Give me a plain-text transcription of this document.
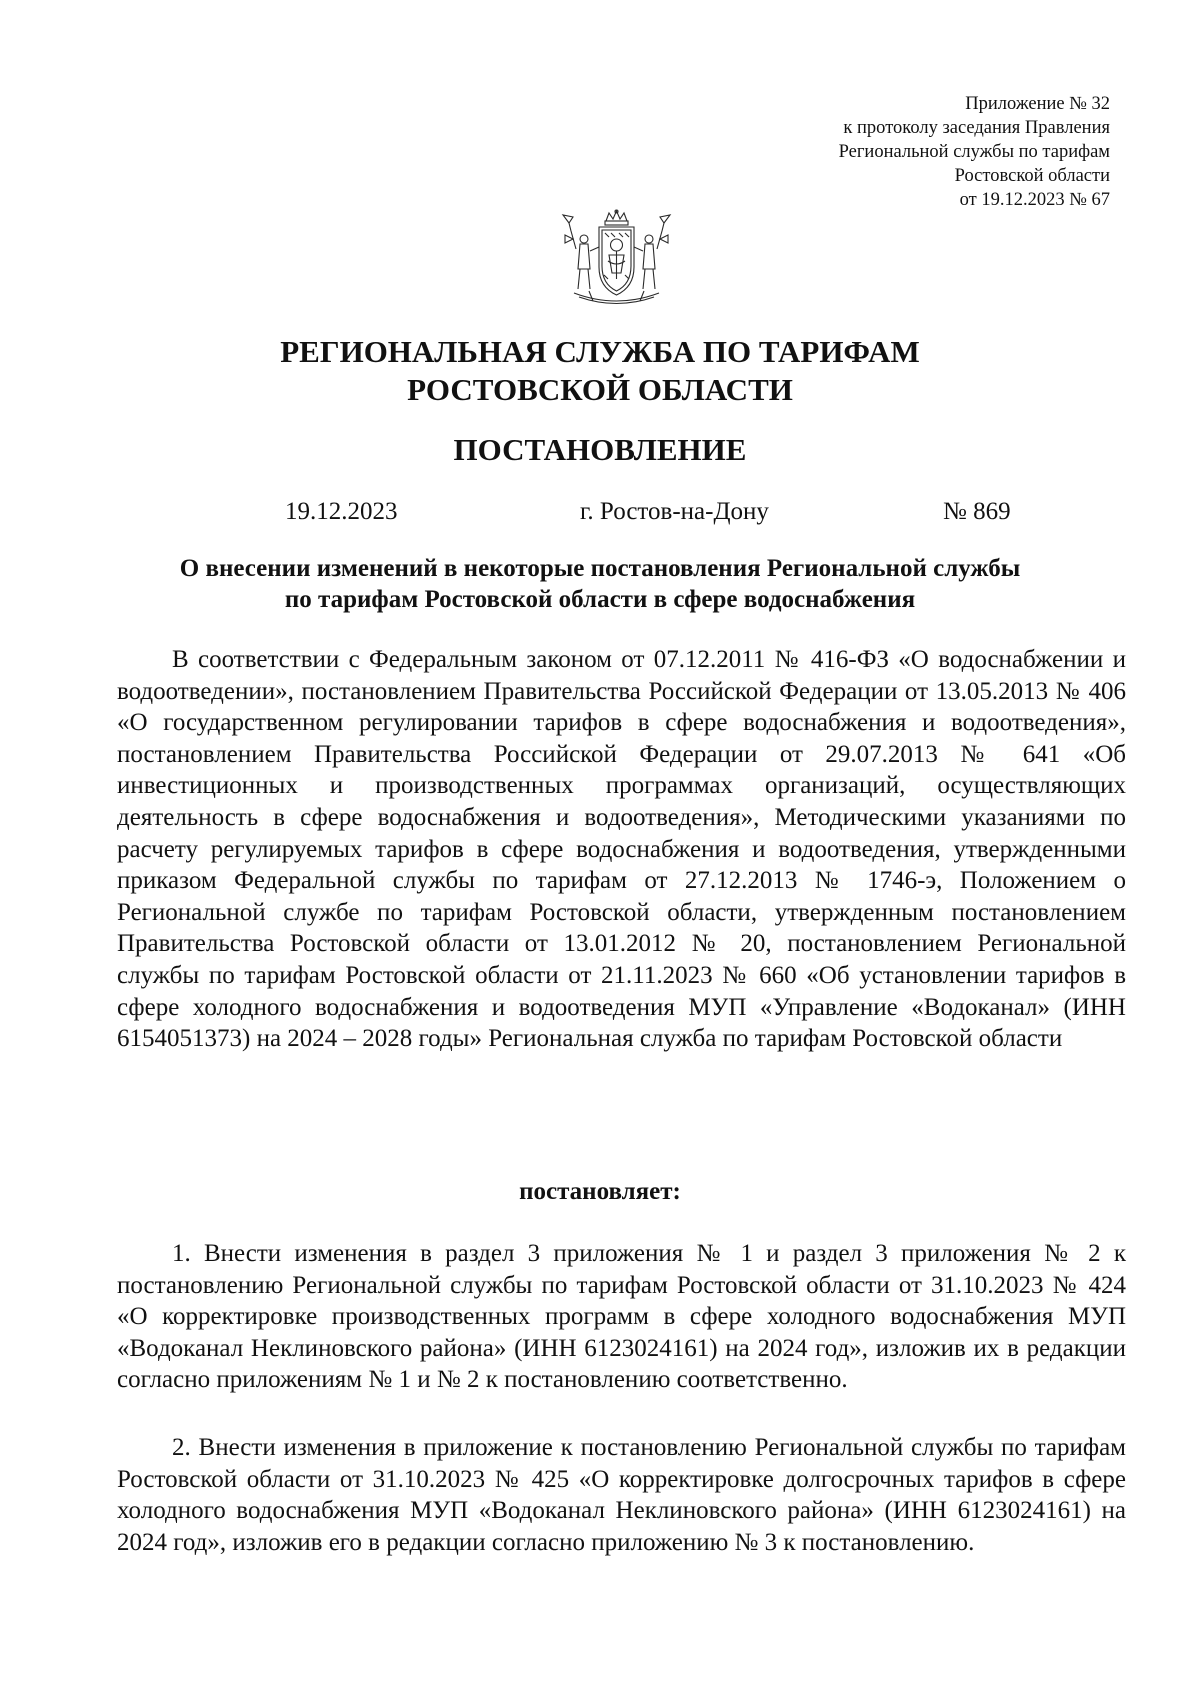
Приложение № 32
к протоколу заседания Правления
Региональной службы по тарифам
Ростовской области
от 19.12.2023 № 67
РЕГИОНАЛЬНАЯ СЛУЖБА ПО ТАРИФАМ
РОСТОВСКОЙ ОБЛАСТИ
ПОСТАНОВЛЕНИЕ
19.12.2023	г. Ростов-на-Дону	№ 869
О внесении изменений в некоторые постановления Региональной службы
по тарифам Ростовской области в сфере водоснабжения
В соответствии с Федеральным законом от 07.12.2011 № 416-ФЗ «О водоснабжении и водоотведении», постановлением Правительства Российской Федерации от 13.05.2013 № 406 «О государственном регулировании тарифов в сфере водоснабжения и водоотведения», постановлением Правительства Российской Федерации от 29.07.2013 № 641 «Об инвестиционных и производственных программах организаций, осуществляющих деятельность в сфере водоснабжения и водоотведения», Методическими указаниями по расчету регулируемых тарифов в сфере водоснабжения и водоотведения, утвержденными приказом Федеральной службы по тарифам от 27.12.2013 № 1746-э, Положением о Региональной службе по тарифам Ростовской области, утвержденным постановлением Правительства Ростовской области от 13.01.2012 № 20, постановлением Региональной службы по тарифам Ростовской области от 21.11.2023 № 660 «Об установлении тарифов в сфере холодного водоснабжения и водоотведения МУП «Управление «Водоканал» (ИНН 6154051373) на 2024 – 2028 годы» Региональная служба по тарифам Ростовской области
постановляет:
1. Внести изменения в раздел 3 приложения № 1 и раздел 3 приложения № 2 к постановлению Региональной службы по тарифам Ростовской области от 31.10.2023 № 424 «О корректировке производственных программ в сфере холодного водоснабжения МУП «Водоканал Неклиновского района» (ИНН 6123024161) на 2024 год», изложив их в редакции согласно приложениям № 1 и № 2 к постановлению соответственно.
2. Внести изменения в приложение к постановлению Региональной службы по тарифам Ростовской области от 31.10.2023 № 425 «О корректировке долгосрочных тарифов в сфере холодного водоснабжения МУП «Водоканал Неклиновского района» (ИНН 6123024161) на 2024 год», изложив его в редакции согласно приложению № 3 к постановлению.
